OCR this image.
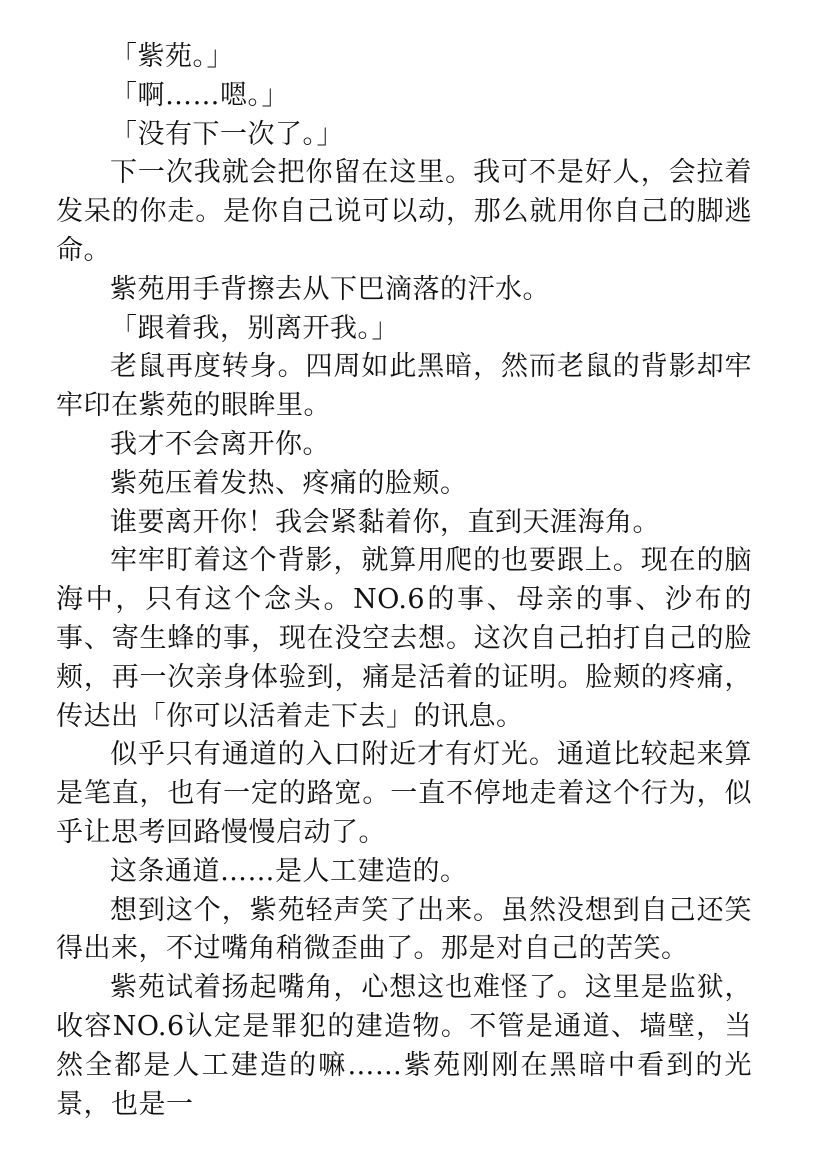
「紫苑。」

「啊……嗯。」

「没有下一次了。」

下一次我就会把你留在这里。我可不是好人，会拉着发呆的你走。是你自己说可以动，那么就用你自己的脚逃命。

紫苑用手背擦去从下巴滴落的汗水。

「跟着我，别离开我。」

老鼠再度转身。四周如此黑暗，然而老鼠的背影却牢牢印在紫苑的眼眸里。

我才不会离开你。

紫苑压着发热、疼痛的脸颊。

谁要离开你！我会紧黏着你，直到天涯海角。

牢牢盯着这个背影，就算用爬的也要跟上。现在的脑海中，只有这个念头。NO.6的事、母亲的事、沙布的事、寄生蜂的事，现在没空去想。这次自己拍打自己的脸颊，再一次亲身体验到，痛是活着的证明。脸颊的疼痛，传达出「你可以活着走下去」的讯息。

似乎只有通道的入口附近才有灯光。通道比较起来算是笔直，也有一定的路宽。一直不停地走着这个行为，似乎让思考回路慢慢启动了。

这条通道……是人工建造的。

想到这个，紫苑轻声笑了出来。虽然没想到自己还笑得出来，不过嘴角稍微歪曲了。那是对自己的苦笑。

紫苑试着扬起嘴角，心想这也难怪了。这里是监狱，收容NO.6认定是罪犯的建造物。不管是通道、墙壁，当然全都是人工建造的嘛……紫苑刚刚在黑暗中看到的光景，也是一
